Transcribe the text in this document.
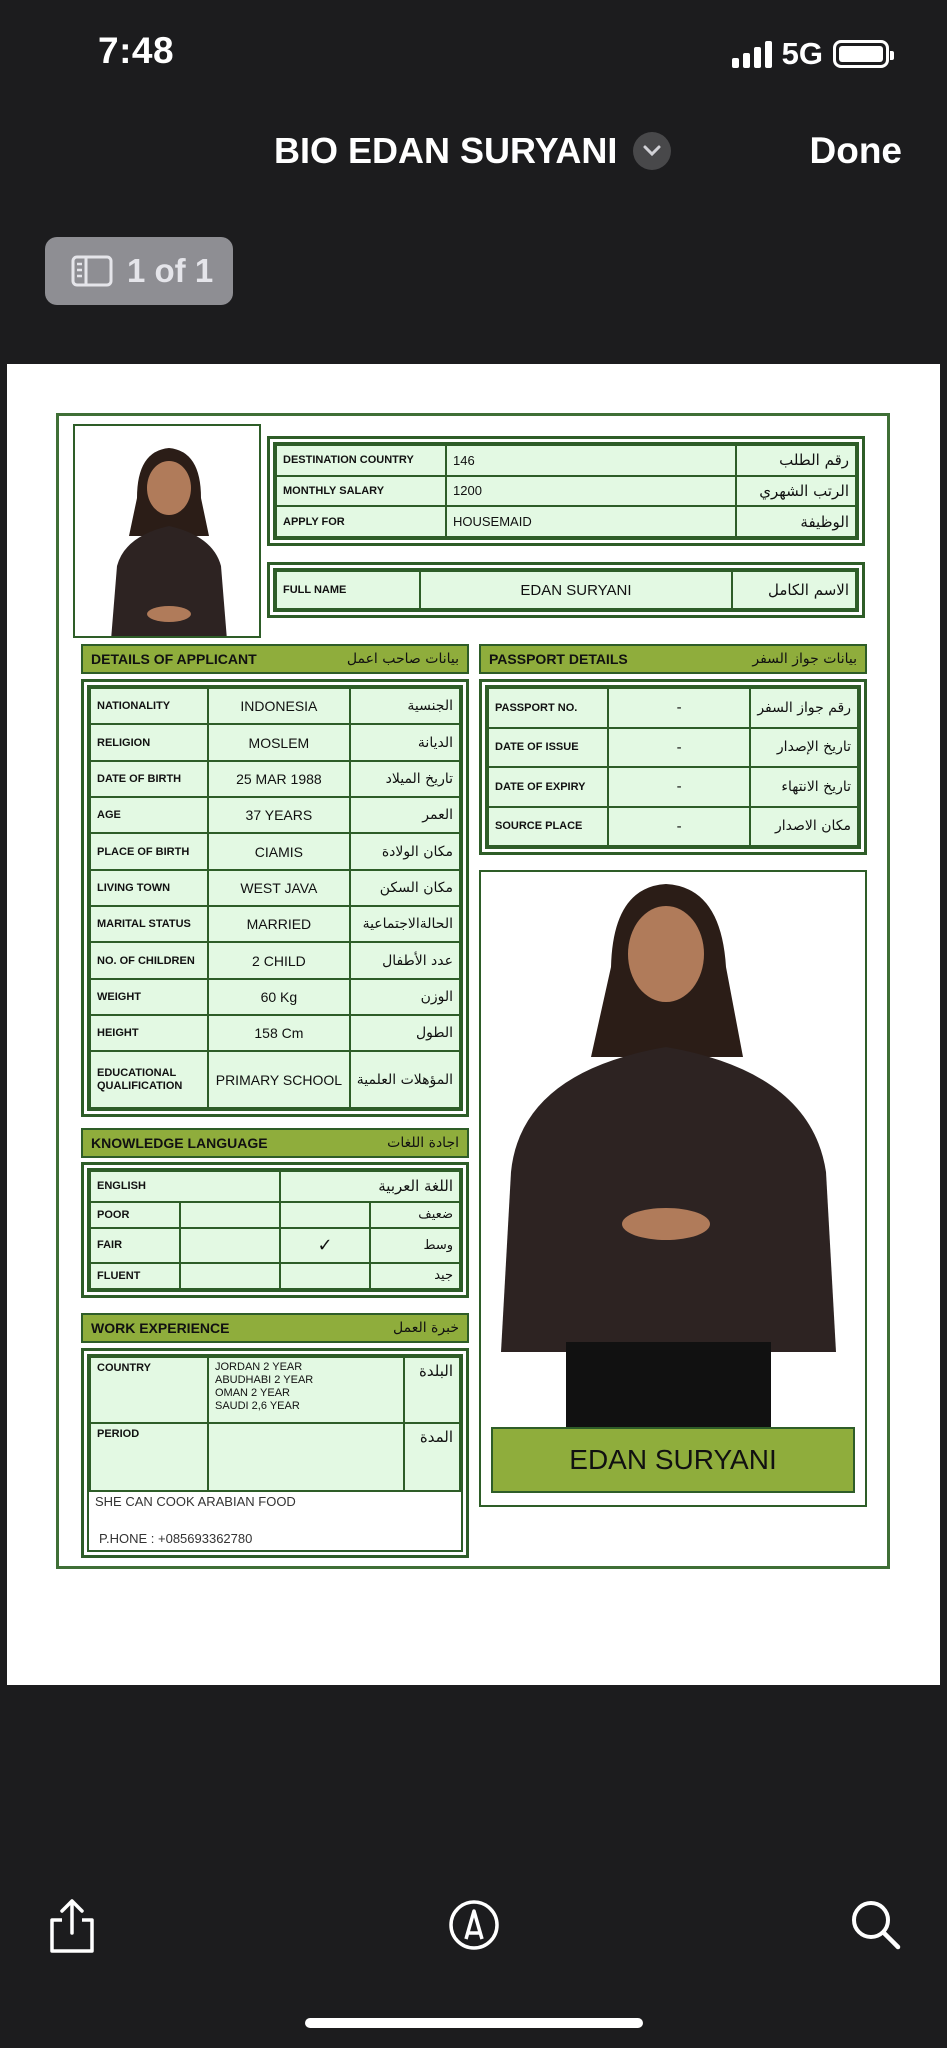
7:48	5G
BIO EDAN SURYANI	Done
1 of 1
DESTINATION COUNTRY	146	رقم الطلب
MONTHLY SALARY	1200	الرتب الشهري
APPLY FOR	HOUSEMAID	الوظيفة
FULL NAME	EDAN SURYANI	الاسم الكامل
DETAILS OF APPLICANT	بيانات صاحب اعمل
NATIONALITY	INDONESIA	الجنسية
RELIGION	MOSLEM	الديانة
DATE OF BIRTH	25 MAR 1988	تاريخ الميلاد
AGE	37 YEARS	العمر
PLACE OF BIRTH	CIAMIS	مكان الولادة
LIVING TOWN	WEST JAVA	مكان السكن
MARITAL STATUS	MARRIED	الحالةالاجتماعية
NO. OF CHILDREN	2 CHILD	عدد الأطفال
WEIGHT	60 Kg	الوزن
HEIGHT	158 Cm	الطول
EDUCATIONAL QUALIFICATION	PRIMARY SCHOOL	المؤهلات العلمية
PASSPORT DETAILS	بيانات جواز السفر
PASSPORT NO.	-	رقم جواز السفر
DATE OF ISSUE	-	تاريخ الإصدار
DATE OF EXPIRY	-	تاريخ الانتهاء
SOURCE PLACE	-	مكان الاصدار
EDAN SURYANI
KNOWLEDGE LANGUAGE	اجادة اللغات
ENGLISH		اللغة العربية	
POOR			ضعيف
FAIR		✓	وسط
FLUENT			جيد
WORK EXPERIENCE	خبرة العمل
COUNTRY	JORDAN 2 YEAR
ABUDHABI 2 YEAR
OMAN 2 YEAR
SAUDI 2,6 YEAR	البلدة
PERIOD		المدة
SHE CAN COOK ARABIAN FOOD
P.HONE : +085693362780
